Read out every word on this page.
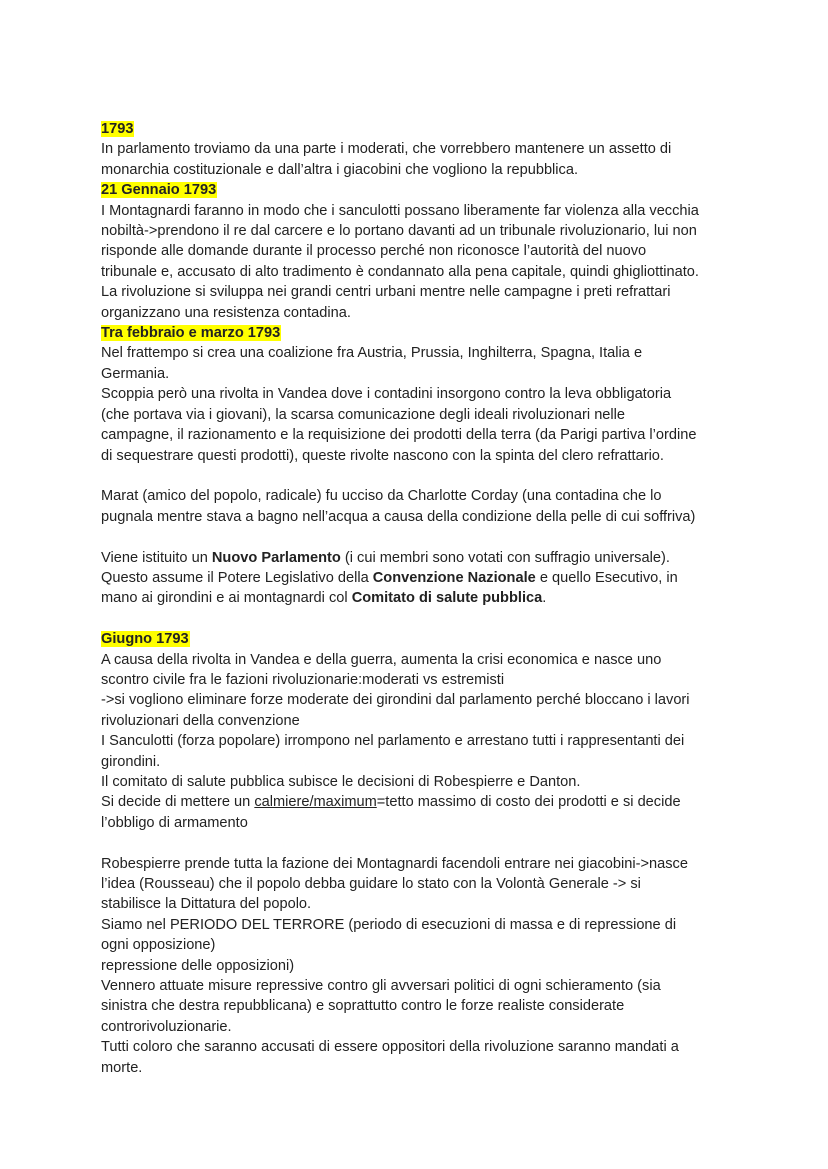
1793
In parlamento troviamo da una parte i moderati, che vorrebbero mantenere un assetto di
monarchia costituzionale e dall’altra i giacobini che vogliono la repubblica.
21 Gennaio 1793
I Montagnardi faranno in modo che i sanculotti possano liberamente far violenza alla vecchia
nobiltà->prendono il re dal carcere e lo portano davanti ad un tribunale rivoluzionario, lui non
risponde alle domande durante il processo perché non riconosce l’autorità del nuovo
tribunale e, accusato di alto tradimento è condannato alla pena capitale, quindi ghigliottinato.
La rivoluzione si sviluppa nei grandi centri urbani mentre nelle campagne i preti refrattari
organizzano una resistenza contadina.
Tra febbraio e marzo 1793
Nel frattempo si crea una coalizione fra Austria, Prussia, Inghilterra, Spagna, Italia e
Germania.
Scoppia però una rivolta in Vandea dove i contadini insorgono contro la leva obbligatoria
(che portava via i giovani), la scarsa comunicazione degli ideali rivoluzionari nelle
campagne, il razionamento e la requisizione dei prodotti della terra (da Parigi partiva l’ordine
di sequestrare questi prodotti), queste rivolte nascono con la spinta del clero refrattario.
Marat (amico del popolo, radicale) fu ucciso da Charlotte Corday (una contadina che lo
pugnala mentre stava a bagno nell’acqua a causa della condizione della pelle di cui soffriva)
Viene istituito un Nuovo Parlamento (i cui membri sono votati con suffragio universale).
Questo assume il Potere Legislativo della Convenzione Nazionale e quello Esecutivo, in
mano ai girondini e ai montagnardi col Comitato di salute pubblica.
Giugno 1793
A causa della rivolta in Vandea e della guerra, aumenta la crisi economica e nasce uno
scontro civile fra le fazioni rivoluzionarie:moderati vs estremisti
->si vogliono eliminare forze moderate dei girondini dal parlamento perché bloccano i lavori
rivoluzionari della convenzione
I Sanculotti (forza popolare) irrompono nel parlamento e arrestano tutti i rappresentanti dei
girondini.
Il comitato di salute pubblica subisce le decisioni di Robespierre e Danton.
Si decide di mettere un calmiere/maximum=tetto massimo di costo dei prodotti e si decide
l’obbligo di armamento
Robespierre prende tutta la fazione dei Montagnardi facendoli entrare nei giacobini->nasce
l’idea (Rousseau) che il popolo debba guidare lo stato con la Volontà Generale -> si
stabilisce la Dittatura del popolo.
Siamo nel PERIODO DEL TERRORE (periodo di esecuzioni di massa e di repressione di
ogni opposizione)
repressione delle opposizioni)
Vennero attuate misure repressive contro gli avversari politici di ogni schieramento (sia
sinistra che destra repubblicana) e soprattutto contro le forze realiste considerate
controrivoluzionarie.
Tutti coloro che saranno accusati di essere oppositori della rivoluzione saranno mandati a
morte.
